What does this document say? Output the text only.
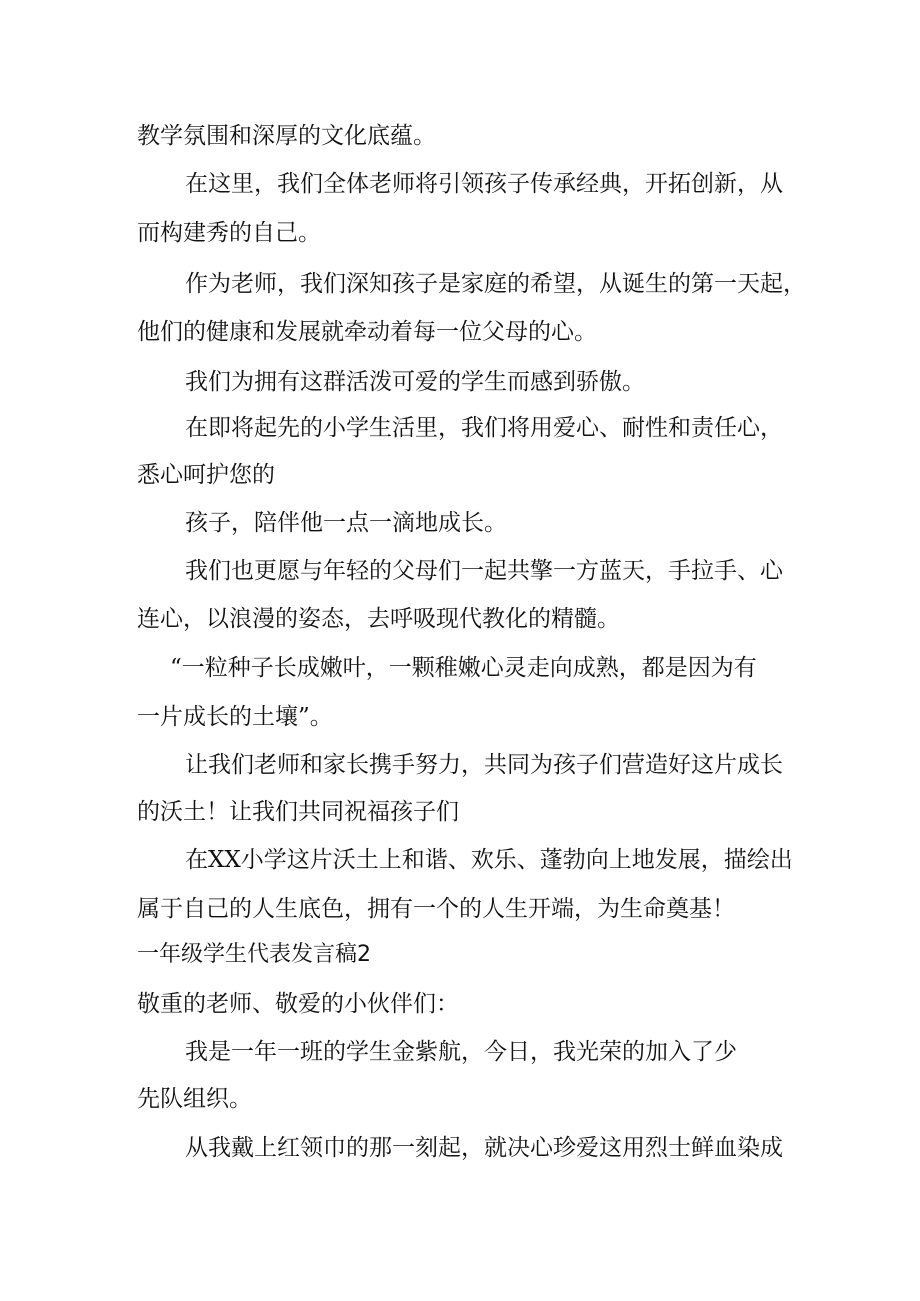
教学氛围和深厚的文化底蕴。
在这里，我们全体老师将引领孩子传承经典，开拓创新，从
而构建秀的自己。
作为老师，我们深知孩子是家庭的希望，从诞生的第一天起，
他们的健康和发展就牵动着每一位父母的心。
我们为拥有这群活泼可爱的学生而感到骄傲。
在即将起先的小学生活里，我们将用爱心、耐性和责任心，
悉心呵护您的
孩子，陪伴他一点一滴地成长。
我们也更愿与年轻的父母们一起共擎一方蓝天，手拉手、心
连心，以浪漫的姿态，去呼吸现代教化的精髓。
“一粒种子长成嫩叶，一颗稚嫩心灵走向成熟，都是因为有
一片成长的土壤”。
让我们老师和家长携手努力，共同为孩子们营造好这片成长
的沃土！让我们共同祝福孩子们
在XX小学这片沃土上和谐、欢乐、蓬勃向上地发展，描绘出
属于自己的人生底色，拥有一个的人生开端，为生命奠基！
一年级学生代表发言稿2
敬重的老师、敬爱的小伙伴们：
我是一年一班的学生金紫航，今日，我光荣的加入了少
先队组织。
从我戴上红领巾的那一刻起，就决心珍爱这用烈士鲜血染成
